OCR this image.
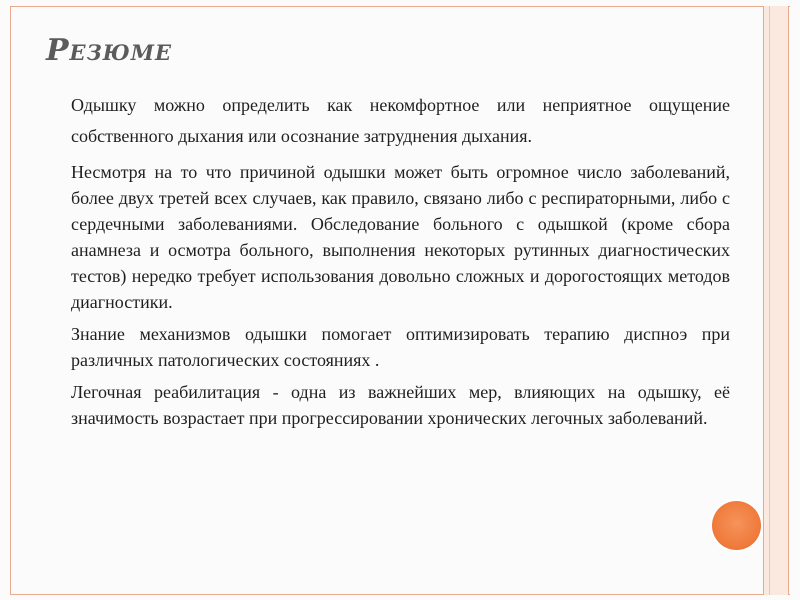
Резюме
Одышку можно определить как некомфортное или неприятное ощущение собственного дыхания или осознание затруднения дыхания.
Несмотря на то что причиной одышки может быть огромное число заболеваний, более двух третей всех случаев, как правило, связано либо с респираторными, либо с сердечными заболеваниями. Обследование больного с одышкой (кроме сбора анамнеза и осмотра больного, выполнения некоторых рутинных диагностических тестов) нередко требует использования довольно сложных и дорогостоящих методов диагностики.
Знание механизмов одышки помогает оптимизировать терапию диспноэ при различных патологических состояниях .
Легочная реабилитация - одна из важнейших мер, влияющих на одышку, её значимость возрастает при прогрессировании хронических легочных заболеваний.
